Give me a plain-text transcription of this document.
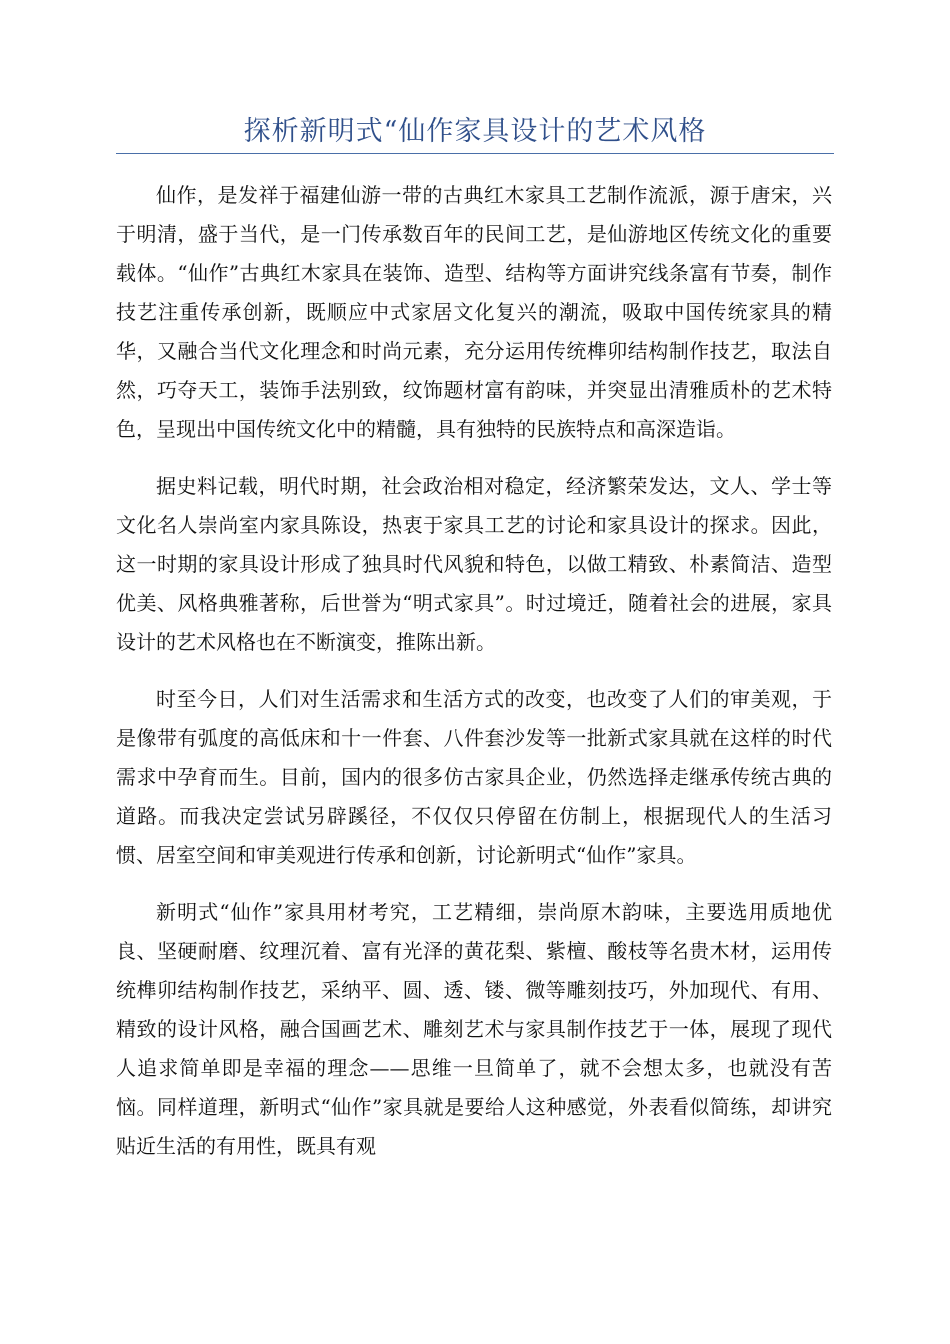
探析新明式“仙作家具设计的艺术风格

仙作，是发祥于福建仙游一带的古典红木家具工艺制作流派，源于唐宋，兴于明清，盛于当代，是一门传承数百年的民间工艺，是仙游地区传统文化的重要载体。“仙作”古典红木家具在装饰、造型、结构等方面讲究线条富有节奏，制作技艺注重传承创新，既顺应中式家居文化复兴的潮流，吸取中国传统家具的精华，又融合当代文化理念和时尚元素，充分运用传统榫卯结构制作技艺，取法自然，巧夺天工，装饰手法别致，纹饰题材富有韵味，并突显出清雅质朴的艺术特色，呈现出中国传统文化中的精髓，具有独特的民族特点和高深造诣。

据史料记载，明代时期，社会政治相对稳定，经济繁荣发达，文人、学士等文化名人崇尚室内家具陈设，热衷于家具工艺的讨论和家具设计的探求。因此，这一时期的家具设计形成了独具时代风貌和特色，以做工精致、朴素简洁、造型优美、风格典雅著称，后世誉为“明式家具”。时过境迁，随着社会的进展，家具设计的艺术风格也在不断演变，推陈出新。

时至今日，人们对生活需求和生活方式的改变，也改变了人们的审美观，于是像带有弧度的高低床和十一件套、八件套沙发等一批新式家具就在这样的时代需求中孕育而生。目前，国内的很多仿古家具企业，仍然选择走继承传统古典的道路。而我决定尝试另辟蹊径，不仅仅只停留在仿制上，根据现代人的生活习惯、居室空间和审美观进行传承和创新，讨论新明式“仙作”家具。

新明式“仙作”家具用材考究，工艺精细，崇尚原木韵味，主要选用质地优良、坚硬耐磨、纹理沉着、富有光泽的黄花梨、紫檀、酸枝等名贵木材，运用传统榫卯结构制作技艺，采纳平、圆、透、镂、微等雕刻技巧，外加现代、有用、精致的设计风格，融合国画艺术、雕刻艺术与家具制作技艺于一体，展现了现代人追求简单即是幸福的理念——思维一旦简单了，就不会想太多，也就没有苦恼。同样道理，新明式“仙作”家具就是要给人这种感觉，外表看似简练，却讲究贴近生活的有用性，既具有观
